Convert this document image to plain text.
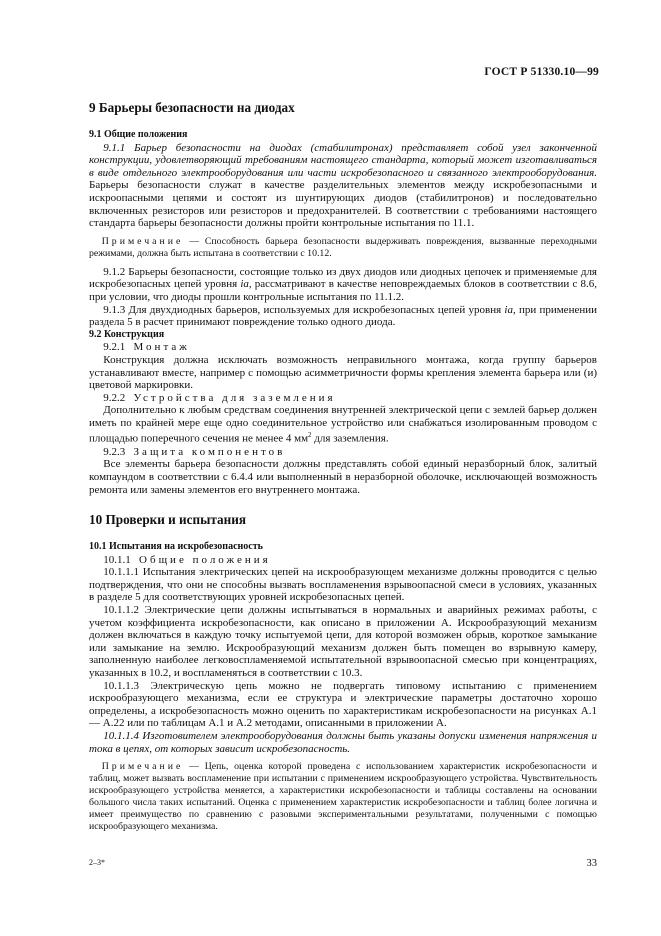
ГОСТ Р 51330.10—99
9 Барьеры безопасности на диодах
9.1 Общие положения

9.1.1 Барьер безопасности на диодах (стабилитронах) представляет собой узел законченной конструкции, удовлетворяющий требованиям настоящего стандарта, который может изготавливаться в виде отдельного электрооборудования или части искробезопасного и связанного электрооборудования. Барьеры безопасности служат в качестве разделительных элементов между искробезопасными и искроопасными цепями и состоят из шунтирующих диодов (стабилитронов) и последовательно включенных резисторов или резисторов и предохранителей. В соответствии с требованиями настоящего стандарта барьеры безопасности должны пройти контрольные испытания по 11.1.

Примечание — Способность барьера безопасности выдерживать повреждения, вызванные переходными режимами, должна быть испытана в соответствии с 10.12.

9.1.2 Барьеры безопасности, состоящие только из двух диодов или диодных цепочек и применяемые для искробезопасных цепей уровня ia, рассматривают в качестве неповреждаемых блоков в соответствии с 8.6, при условии, что диоды прошли контрольные испытания по 11.1.2.

9.1.3 Для двухдиодных барьеров, используемых для искробезопасных цепей уровня ia, при применении раздела 5 в расчет принимают повреждение только одного диода.

9.2 Конструкция

9.2.1 Монтаж

Конструкция должна исключать возможность неправильного монтажа, когда группу барьеров устанавливают вместе, например с помощью асимметричности формы крепления элемента барьера или (и) цветовой маркировки.

9.2.2 Устройства для заземления

Дополнительно к любым средствам соединения внутренней электрической цепи с землей барьер должен иметь по крайней мере еще одно соединительное устройство или снабжаться изолированным проводом с площадью поперечного сечения не менее 4 $мм^2$ для заземления.

9.2.3 Защита компонентов

Все элементы барьера безопасности должны представлять собой единый неразборный блок, залитый компаундом в соответствии с 6.4.4 или выполненный в неразборной оболочке, исключающей возможность ремонта или замены элементов его внутреннего монтажа.

10 Проверки и испытания
10.1 Испытания на искробезопасность

10.1.1 Общие положения

10.1.1.1 Испытания электрических цепей на искрообразующем механизме должны проводится с целью подтверждения, что они не способны вызвать воспламенения взрывоопасной смеси в условиях, указанных в разделе 5 для соответствующих уровней искробезопасных цепей.

10.1.1.2 Электрические цепи должны испытываться в нормальных и аварийных режимах работы, с учетом коэффициента искробезопасности, как описано в приложении А. Искрообразующий механизм должен включаться в каждую точку испытуемой цепи, для которой возможен обрыв, короткое замыкание или замыкание на землю. Искрообразующий механизм должен быть помещен во взрывную камеру, заполненную наиболее легковоспламеняемой испытательной взрывоопасной смесью при концентрациях, указанных в 10.2, и воспламеняться в соответствии с 10.3.

10.1.1.3 Электрическую цепь можно не подвергать типовому испытанию с применением искрообразующего механизма, если ее структура и электрические параметры достаточно хорошо определены, а искробезопасность можно оценить по характеристикам искробезопасности на рисунках А.1 — А.22 или по таблицам А.1 и А.2 методами, описанными в приложении А.

10.1.1.4 Изготовителем электрооборудования должны быть указаны допуски изменения напряжения и тока в цепях, от которых зависит искробезопасность.

Примечание — Цепь, оценка которой проведена с использованием характеристик искробезопасности и таблиц, может вызвать воспламенение при испытании с применением искрообразующего устройства. Чувствительность искрообразующего устройства меняется, а характеристики искробезопасности и таблицы составлены на основании большого числа таких испытаний. Оценка с применением характеристик искробезопасности и таблиц более логична и имеет преимущество по сравнению с разовыми экспериментальными результатами, полученными с помощью искрообразующего механизма.

2–3*	33
